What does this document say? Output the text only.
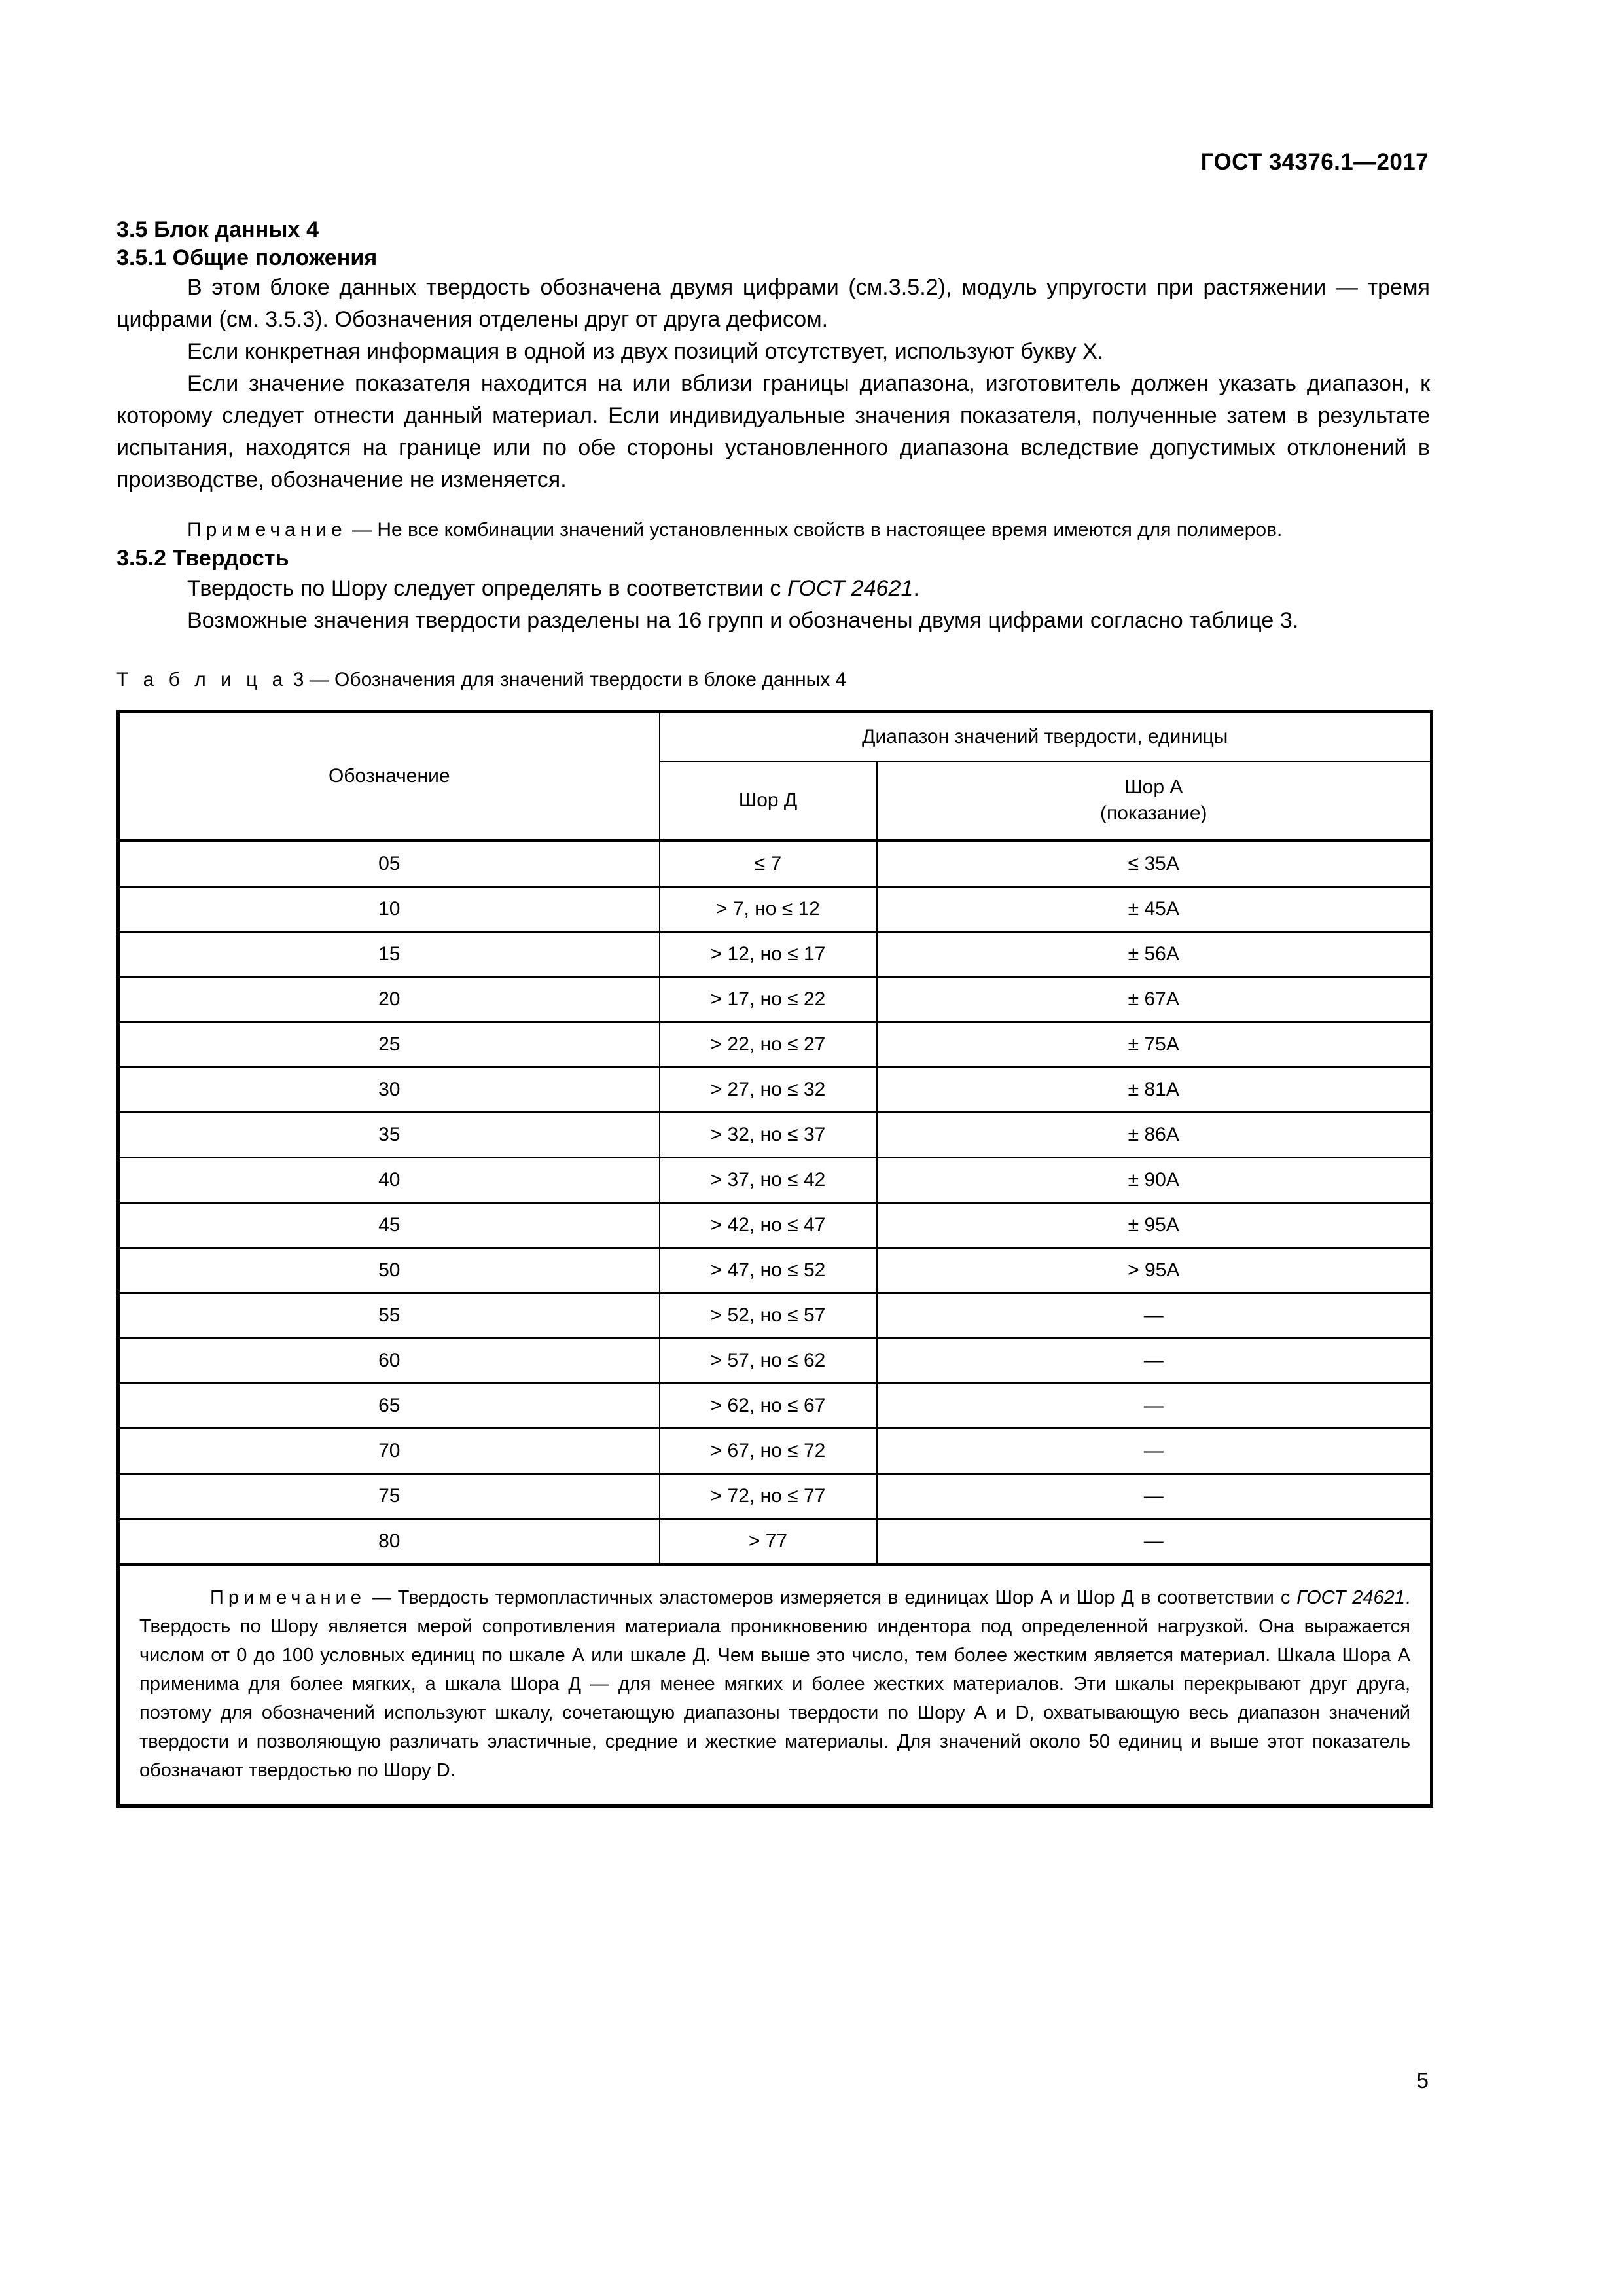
ГОСТ 34376.1—2017
3.5 Блок данных 4
3.5.1 Общие положения

В этом блоке данных твердость обозначена двумя цифрами (см.3.5.2), модуль упругости при растяжении — тремя цифрами (см. 3.5.3). Обозначения отделены друг от друга дефисом.

Если конкретная информация в одной из двух позиций отсутствует, используют букву X.

Если значение показателя находится на или вблизи границы диапазона, изготовитель должен указать диапазон, к которому следует отнести данный материал. Если индивидуальные значения показателя, полученные затем в результате испытания, находятся на границе или по обе стороны установленного диапазона вследствие допустимых отклонений в производстве, обозначение не изменяется.

Примечание — Не все комбинации значений установленных свойств в настоящее время имеются для полимеров.

3.5.2 Твердость

Твердость по Шору следует определять в соответствии с ГОСТ 24621.

Возможные значения твердости разделены на 16 групп и обозначены двумя цифрами согласно таблице 3.

Т а б л и ц а 3 — Обозначения для значений твердости в блоке данных 4
Обозначение	Диапазон значений твердости, единицы	
	Шор Д	Шор А
(показание)
05	≤ 7	≤ 35А
10	> 7, но ≤ 12	± 45А
15	> 12, но ≤ 17	± 56А
20	> 17, но ≤ 22	± 67А
25	> 22, но ≤ 27	± 75А
30	> 27, но ≤ 32	± 81А
35	> 32, но ≤ 37	± 86А
40	> 37, но ≤ 42	± 90А
45	> 42, но ≤ 47	± 95А
50	> 47, но ≤ 52	> 95А
55	> 52, но ≤ 57	—
60	> 57, но ≤ 62	—
65	> 62, но ≤ 67	—
70	> 67, но ≤ 72	—
75	> 72, но ≤ 77	—
80	> 77	—

Примечание — Твердость термопластичных эластомеров измеряется в единицах Шор А и Шор Д в соответствии с ГОСТ 24621. Твердость по Шору является мерой сопротивления материала проникновению индентора под определенной нагрузкой. Она выражается числом от 0 до 100 условных единиц по шкале А или шкале Д. Чем выше это число, тем более жестким является материал. Шкала Шора А применима для более мягких, а шкала Шора Д — для менее мягких и более жестких материалов. Эти шкалы перекрывают друг друга, поэтому для обозначений используют шкалу, сочетающую диапазоны твердости по Шору А и D, охватывающую весь диапазон значений твердости и позволяющую различать эластичные, средние и жесткие материалы. Для значений около 50 единиц и выше этот показатель обозначают твердостью по Шору D.		

5
